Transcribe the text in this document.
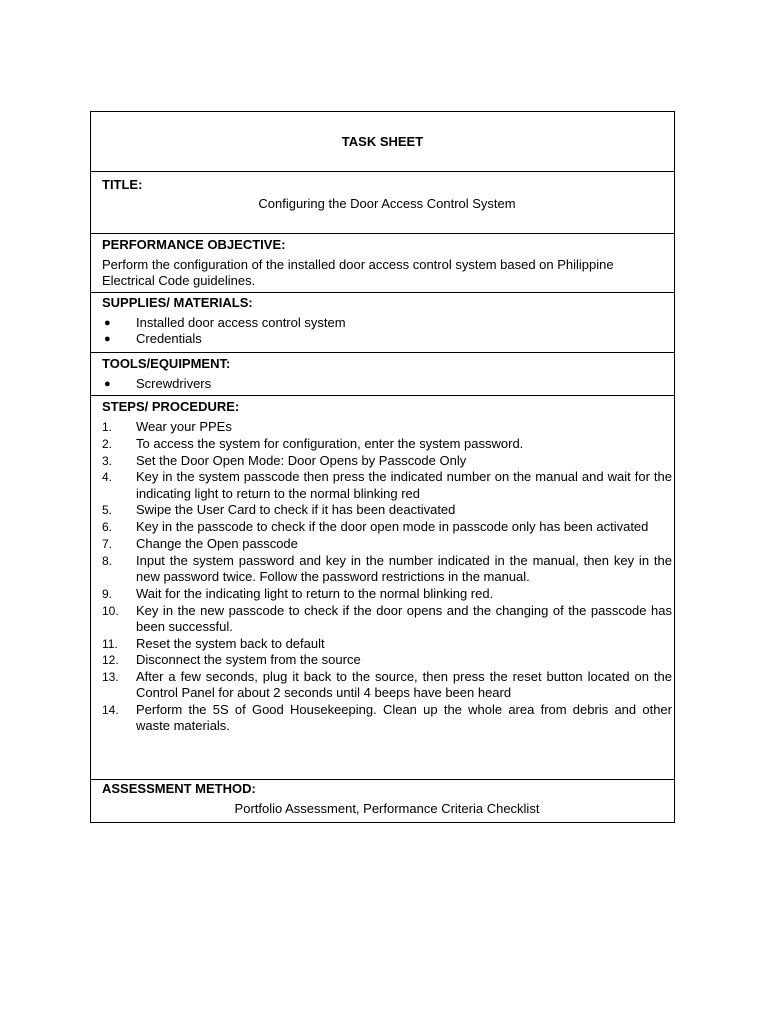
TASK SHEET
TITLE:
Configuring the Door Access Control System
PERFORMANCE OBJECTIVE:
Perform the configuration of the installed door access control system based on Philippine Electrical Code guidelines.
SUPPLIES/ MATERIALS:
●	Installed door access control system
●	Credentials
TOOLS/EQUIPMENT:
●	Screwdrivers
STEPS/ PROCEDURE:
1.	Wear your PPEs
2.	To access the system for configuration, enter the system password.
3.	Set the Door Open Mode: Door Opens by Passcode Only
4.	Key in the system passcode then press the indicated number on the manual and wait for the indicating light to return to the normal blinking red
5.	Swipe the User Card to check if it has been deactivated
6.	Key in the passcode to check if the door open mode in passcode only has been activated
7.	Change the Open passcode
8.	Input the system password and key in the number indicated in the manual, then key in the new password twice. Follow the password restrictions in the manual.
9.	Wait for the indicating light to return to the normal blinking red.
10.	Key in the new passcode to check if the door opens and the changing of the passcode has been successful.
11.	Reset the system back to default
12.	Disconnect the system from the source
13.	After a few seconds, plug it back to the source, then press the reset button located on the Control Panel for about 2 seconds until 4 beeps have been heard
14.	Perform the 5S of Good Housekeeping. Clean up the whole area from debris and other waste materials.
ASSESSMENT METHOD:
Portfolio Assessment, Performance Criteria Checklist
